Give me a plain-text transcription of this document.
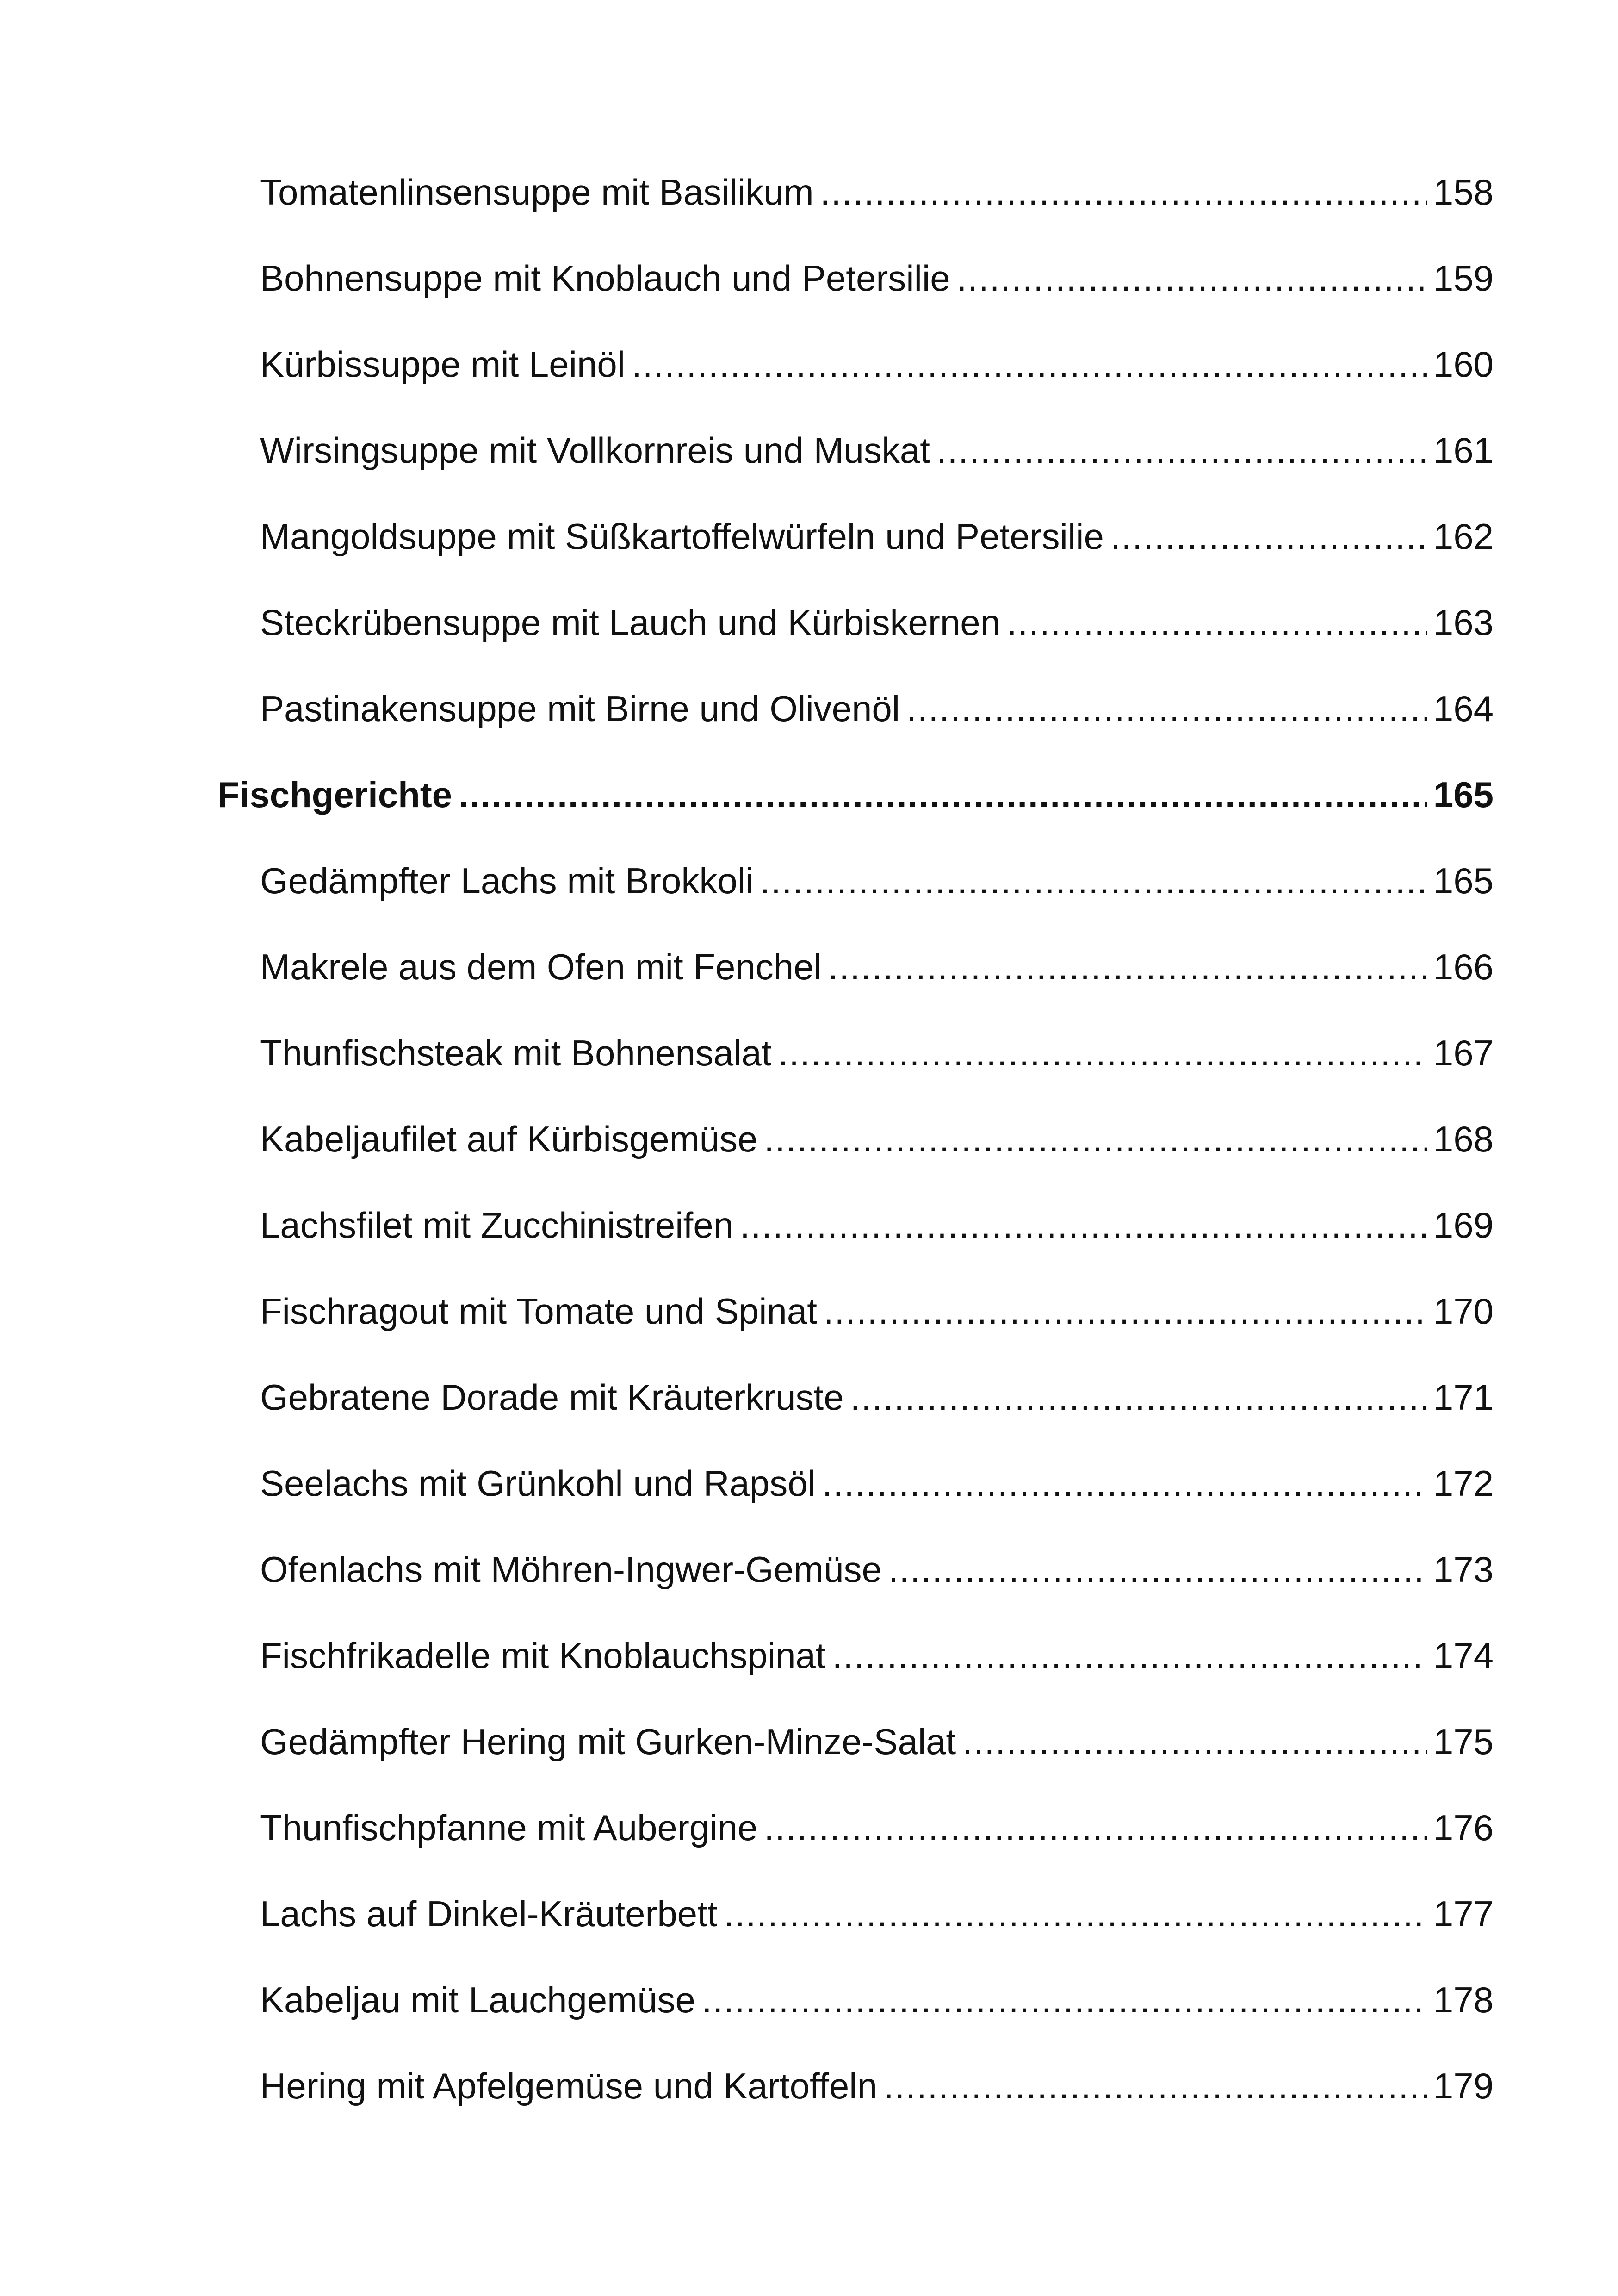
Tomatenlinsensuppe mit Basilikum .....	158
Bohnensuppe mit Knoblauch und Petersilie .....	159
Kürbissuppe mit Leinöl .....	160
Wirsingsuppe mit Vollkornreis und Muskat .....	161
Mangoldsuppe mit Süßkartoffelwürfeln und Petersilie .....	162
Steckrübensuppe mit Lauch und Kürbiskernen .....	163
Pastinakensuppe mit Birne und Olivenöl .....	164
Fischgerichte .....	165
Gedämpfter Lachs mit Brokkoli .....	165
Makrele aus dem Ofen mit Fenchel .....	166
Thunfischsteak mit Bohnensalat .....	167
Kabeljaufilet auf Kürbisgemüse .....	168
Lachsfilet mit Zucchinistreifen .....	169
Fischragout mit Tomate und Spinat .....	170
Gebratene Dorade mit Kräuterkruste .....	171
Seelachs mit Grünkohl und Rapsöl .....	172
Ofenlachs mit Möhren-Ingwer-Gemüse .....	173
Fischfrikadelle mit Knoblauchspinat .....	174
Gedämpfter Hering mit Gurken-Minze-Salat .....	175
Thunfischpfanne mit Aubergine .....	176
Lachs auf Dinkel-Kräuterbett .....	177
Kabeljau mit Lauchgemüse .....	178
Hering mit Apfelgemüse und Kartoffeln .....	179
